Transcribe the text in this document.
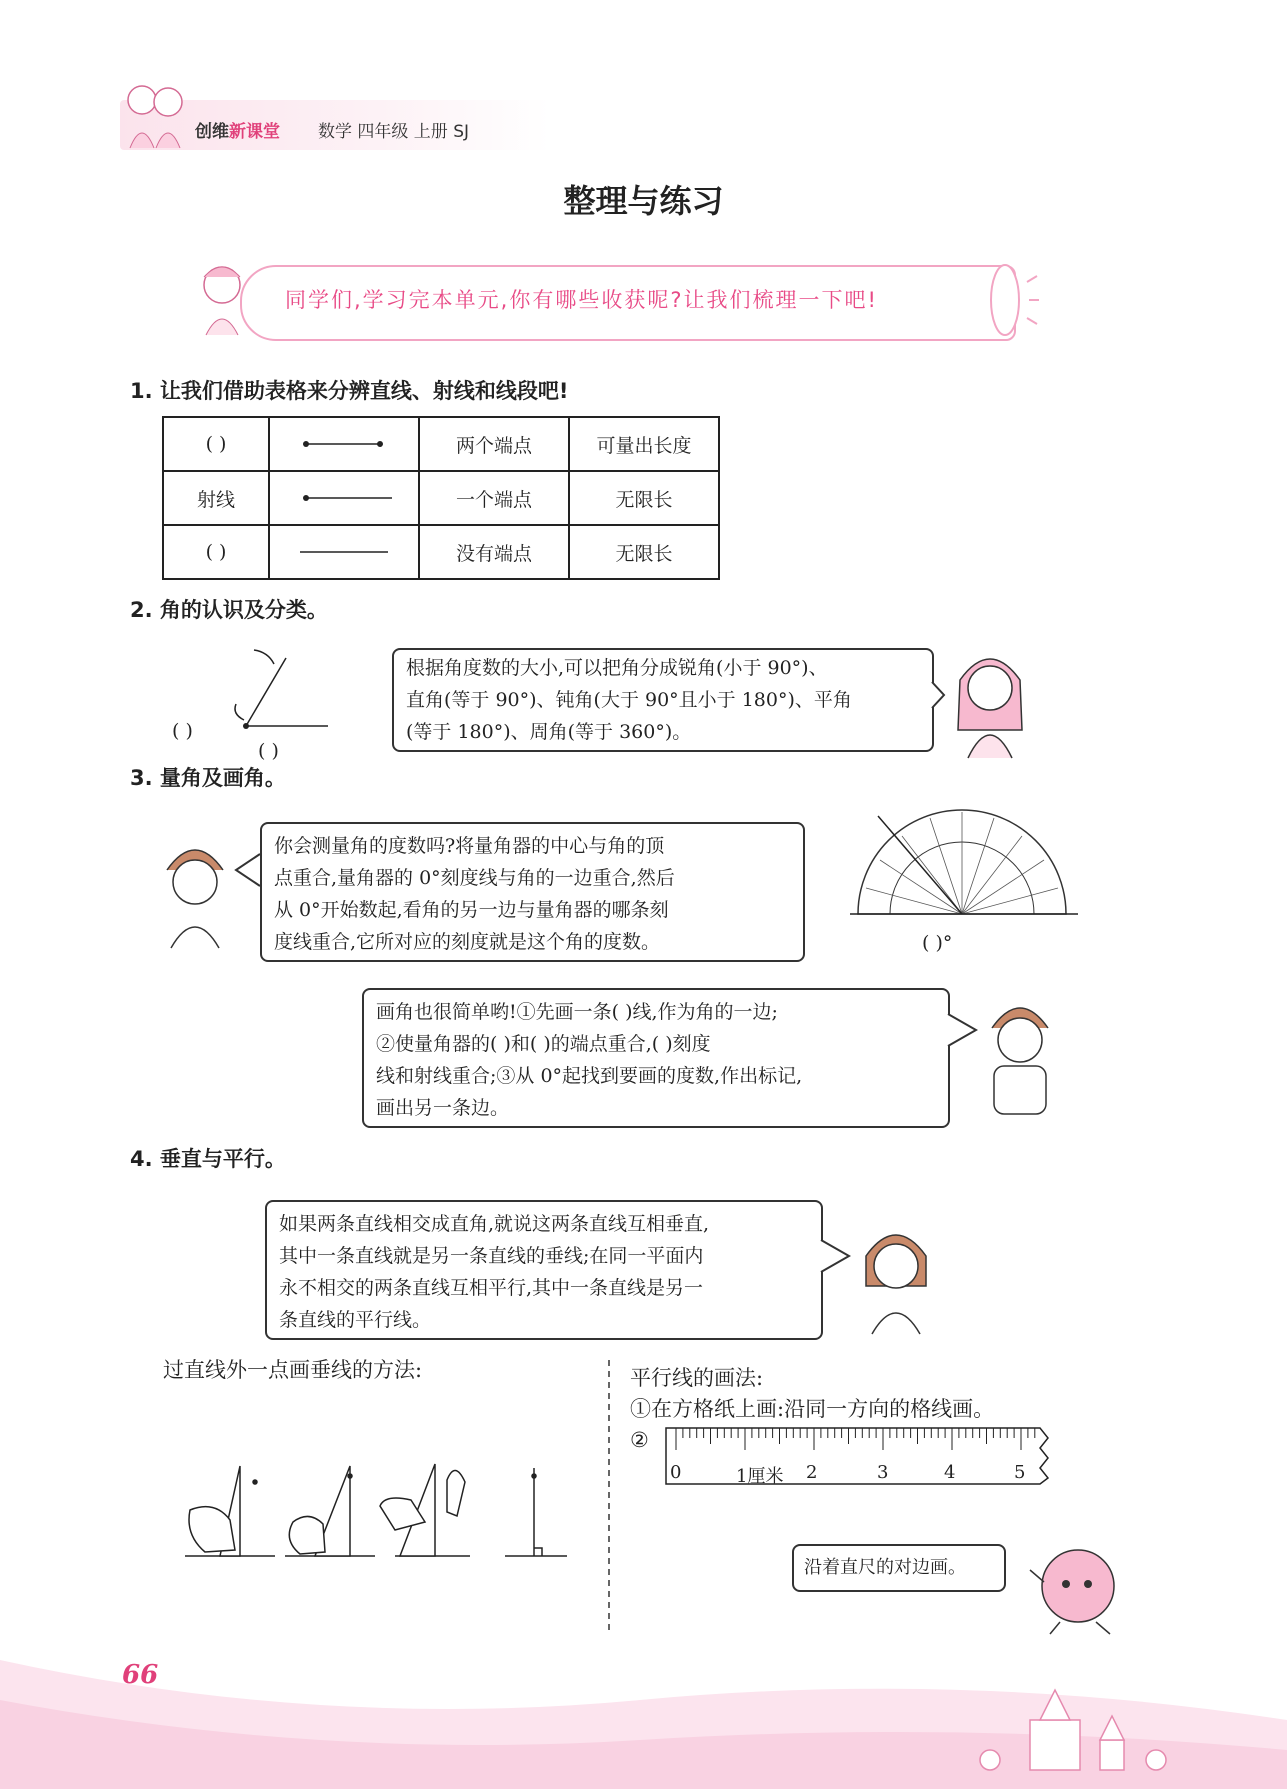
创维新课堂 数学 四年级 上册 SJ
整理与练习
同学们,学习完本单元,你有哪些收获呢?让我们梳理一下吧!
1. 让我们借助表格来分辨直线、射线和线段吧!
( )		两个端点	可量出长度
射线		一个端点	无限长
( )		没有端点	无限长
2. 角的认识及分类。
( )
( )
根据角度数的大小,可以把角分成锐角(小于 90°)、
直角(等于 90°)、钝角(大于 90°且小于 180°)、平角
(等于 180°)、周角(等于 360°)。
3. 量角及画角。
你会测量角的度数吗?将量角器的中心与角的顶
点重合,量角器的 0°刻度线与角的一边重合,然后
从 0°开始数起,看角的另一边与量角器的哪条刻
度线重合,它所对应的刻度就是这个角的度数。	( )°
画角也很简单哟!①先画一条( )线,作为角的一边;
②使量角器的( )和( )的端点重合,( )刻度
线和射线重合;③从 0°起找到要画的度数,作出标记,
画出另一条边。
4. 垂直与平行。
如果两条直线相交成直角,就说这两条直线互相垂直,
其中一条直线就是另一条直线的垂线;在同一平面内
永不相交的两条直线互相平行,其中一条直线是另一
条直线的平行线。
过直线外一点画垂线的方法:	平行线的画法:
①在方格纸上画:沿同一方向的格线画。
②
0	1厘米 2	3	4	5
沿着直尺的对边画。
66
